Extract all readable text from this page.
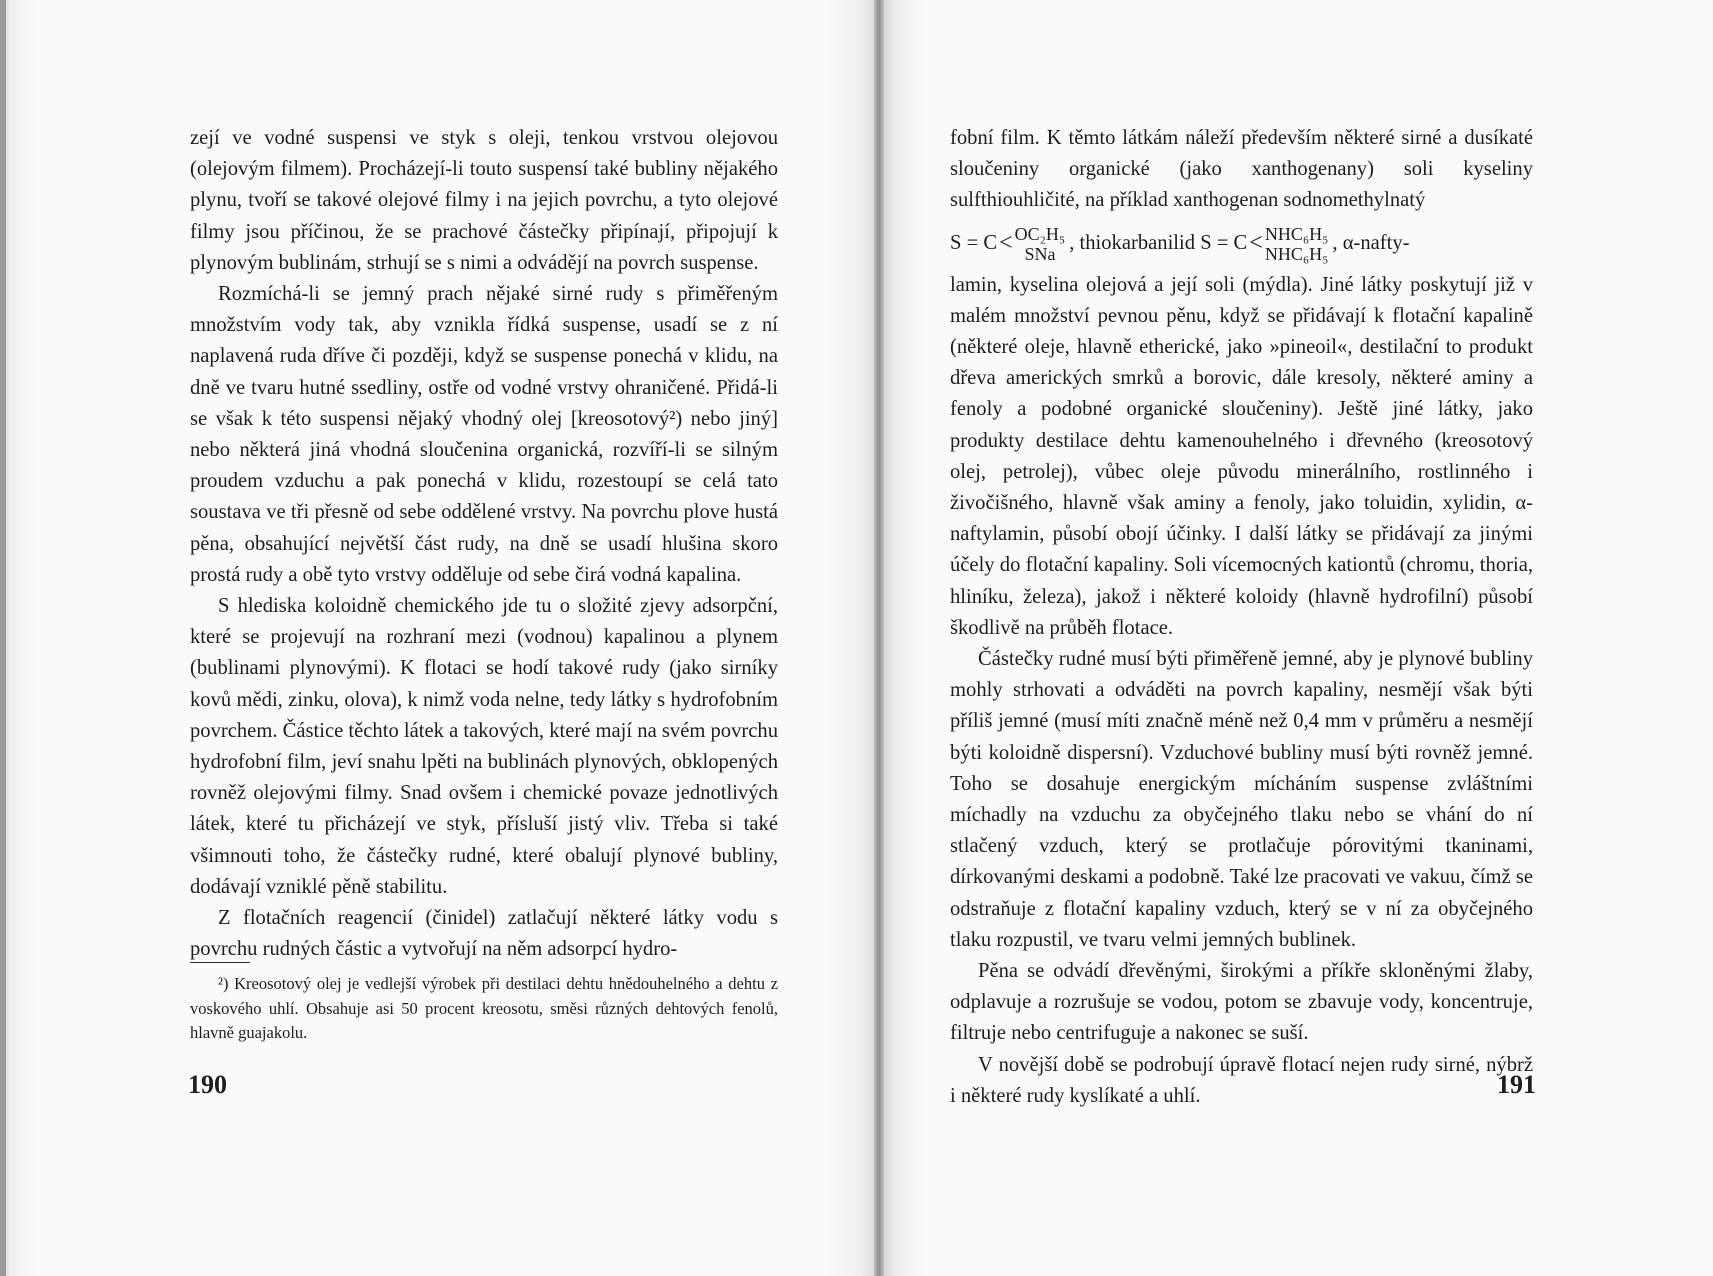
zejí ve vodné suspensi ve styk s oleji, tenkou vrstvou olejovou (olejovým filmem). Procházejí-li touto suspensí také bubliny nějakého plynu, tvoří se takové olejové filmy i na jejich povrchu, a tyto olejové filmy jsou příčinou, že se prachové částečky připínají, připojují k plynovým bublinám, strhují se s nimi a odvádějí na povrch suspense.

Rozmíchá-li se jemný prach nějaké sirné rudy s přiměřeným množstvím vody tak, aby vznikla řídká suspense, usadí se z ní naplavená ruda dříve či později, když se suspense ponechá v klidu, na dně ve tvaru hutné ssedliny, ostře od vodné vrstvy ohraničené. Přidá-li se však k této suspensi nějaký vhodný olej [kreosotový²) nebo jiný] nebo některá jiná vhodná sloučenina organická, rozvíří-li se silným proudem vzduchu a pak ponechá v klidu, rozestoupí se celá tato soustava ve tři přesně od sebe oddělené vrstvy. Na povrchu plove hustá pěna, obsahující největší část rudy, na dně se usadí hlušina skoro prostá rudy a obě tyto vrstvy odděluje od sebe čirá vodná kapalina.

S hlediska koloidně chemického jde tu o složité zjevy adsorpční, které se projevují na rozhraní mezi (vodnou) kapalinou a plynem (bublinami plynovými). K flotaci se hodí takové rudy (jako sirníky kovů mědi, zinku, olova), k nimž voda nelne, tedy látky s hydrofobním povrchem. Částice těchto látek a takových, které mají na svém povrchu hydrofobní film, jeví snahu lpěti na bublinách plynových, obklopených rovněž olejovými filmy. Snad ovšem i chemické povaze jednotlivých látek, které tu přicházejí ve styk, přísluší jistý vliv. Třeba si také všimnouti toho, že částečky rudné, které obalují plynové bubliny, dodávají vzniklé pěně stabilitu.

Z flotačních reagencií (činidel) zatlačují některé látky vodu s povrchu rudných částic a vytvořují na něm adsorpcí hydro-

²) Kreosotový olej je vedlejší výrobek při destilaci dehtu hnědouhelného a dehtu z voskového uhlí. Obsahuje asi 50 procent kreosotu, směsi různých dehtových fenolů, hlavně guajakolu.

190

fobní film. K těmto látkám náleží především některé sirné a dusíkaté sloučeniny organické (jako xanthogenany) soli kyseliny sulfthiouhličité, na příklad xanthogenan sodnomethylnatý

S = C < OC₂H₅
SNa , thiokarbanilid S = C < NHC₆H₅
NHC₆H₅ , α-nafty-

lamin, kyselina olejová a její soli (mýdla). Jiné látky poskytují již v malém množství pevnou pěnu, když se přidávají k flotační kapalině (některé oleje, hlavně etherické, jako »pineoil«, destilační to produkt dřeva amerických smrků a borovic, dále kresoly, některé aminy a fenoly a podobné organické sloučeniny). Ještě jiné látky, jako produkty destilace dehtu kamenouhelného i dřevného (kreosotový olej, petrolej), vůbec oleje původu minerálního, rostlinného i živočišného, hlavně však aminy a fenoly, jako toluidin, xylidin, α-naftylamin, působí obojí účinky. I další látky se přidávají za jinými účely do flotační kapaliny. Soli vícemocných kationtů (chromu, thoria, hliníku, železa), jakož i některé koloidy (hlavně hydrofilní) působí škodlivě na průběh flotace.

Částečky rudné musí býti přiměřeně jemné, aby je plynové bubliny mohly strhovati a odváděti na povrch kapaliny, nesmějí však býti příliš jemné (musí míti značně méně než 0,4 mm v průměru a nesmějí býti koloidně dispersní). Vzduchové bubliny musí býti rovněž jemné. Toho se dosahuje energickým mícháním suspense zvláštními míchadly na vzduchu za obyčejného tlaku nebo se vhání do ní stlačený vzduch, který se protlačuje pórovitými tkaninami, dírkovanými deskami a podobně. Také lze pracovati ve vakuu, čímž se odstraňuje z flotační kapaliny vzduch, který se v ní za obyčejného tlaku rozpustil, ve tvaru velmi jemných bublinek.

Pěna se odvádí dřevěnými, širokými a příkře skloněnými žlaby, odplavuje a rozrušuje se vodou, potom se zbavuje vody, koncentruje, filtruje nebo centrifuguje a nakonec se suší.

V novější době se podrobují úpravě flotací nejen rudy sirné, nýbrž i některé rudy kyslíkaté a uhlí.	191
